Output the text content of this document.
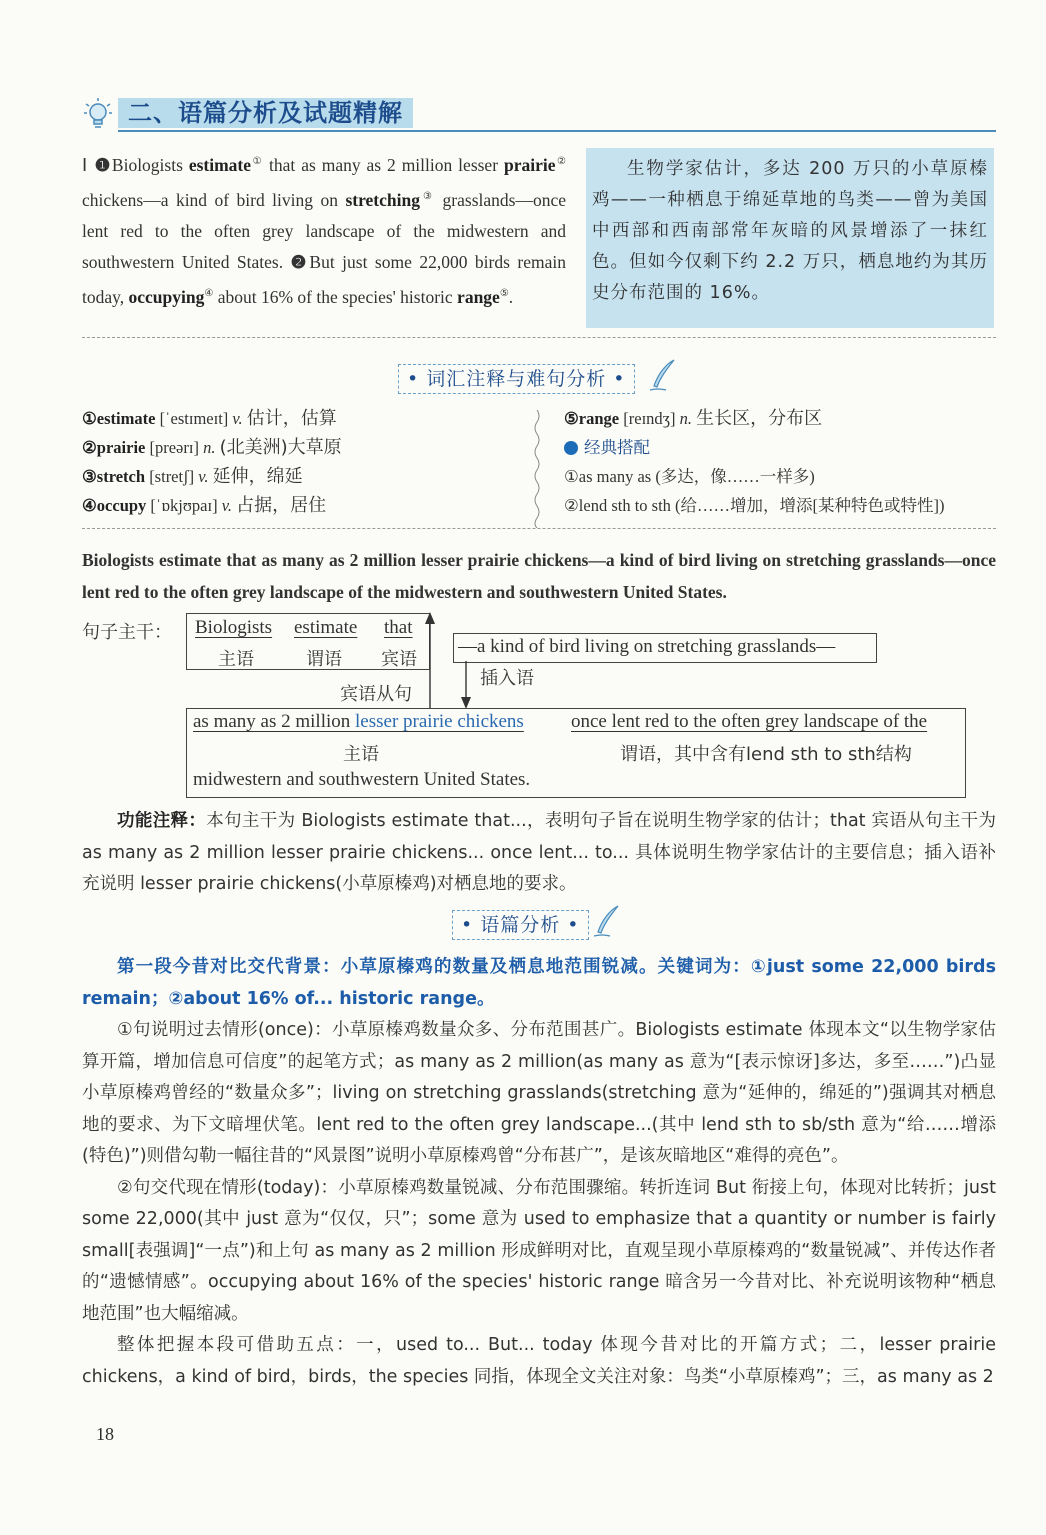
二、语篇分析及试题精解

Ⅰ ❶Biologists estimate① that as many as 2 million lesser prairie② chickens—a kind of bird living on stretching③ grasslands—once lent red to the often grey landscape of the midwestern and southwestern United States. ❷But just some 22,000 birds remain today, occupying④ about 16% of the species' historic range⑤.

生物学家估计，多达 200 万只的小草原榛鸡——一种栖息于绵延草地的鸟类——曾为美国中西部和西南部常年灰暗的风景增添了一抹红色。但如今仅剩下约 2.2 万只，栖息地约为其历史分布范围的 16%。
• 词汇注释与难句分析 •
①estimate [ˈestɪmeɪt] v. 估计，估算
②prairie [preərɪ] n. (北美洲)大草原
③stretch [stretʃ] v. 延伸，绵延
④occupy [ˈɒkjʊpaɪ] v. 占据，居住
⑤range [reɪndʒ] n. 生长区，分布区
经典搭配
①as many as (多达，像……一样多)
②lend sth to sth (给……增加，增添[某种特色或特性])
Biologists estimate that as many as 2 million lesser prairie chickens—a kind of bird living on stretching grasslands—once lent red to the often grey landscape of the midwestern and southwestern United States.
句子主干： Biologists estimate that
主语	谓语 宾语
宾语从句
—a kind of bird living on stretching grasslands—
插入语
as many as 2 million lesser prairie chickens once lent red to the often grey landscape of the
主语	谓语，其中含有lend sth to sth结构
midwestern and southwestern United States.

功能注释：本句主干为 Biologists estimate that...，表明句子旨在说明生物学家的估计；that 宾语从句主干为 as many as 2 million lesser prairie chickens... once lent... to... 具体说明生物学家估计的主要信息；插入语补充说明 lesser prairie chickens(小草原榛鸡)对栖息地的要求。

• 语篇分析 •

第一段今昔对比交代背景：小草原榛鸡的数量及栖息地范围锐减。关键词为：①just some 22,000 birds remain；②about 16% of... historic range。

①句说明过去情形(once)：小草原榛鸡数量众多、分布范围甚广。Biologists estimate 体现本文“以生物学家估算开篇，增加信息可信度”的起笔方式；as many as 2 million(as many as 意为“[表示惊讶]多达，多至……”)凸显小草原榛鸡曾经的“数量众多”；living on stretching grasslands(stretching 意为“延伸的，绵延的”)强调其对栖息地的要求、为下文暗埋伏笔。lent red to the often grey landscape...(其中 lend sth to sb/sth 意为“给……增添(特色)”)则借勾勒一幅往昔的“风景图”说明小草原榛鸡曾“分布甚广”，是该灰暗地区“难得的亮色”。

②句交代现在情形(today)：小草原榛鸡数量锐减、分布范围骤缩。转折连词 But 衔接上句，体现对比转折；just some 22,000(其中 just 意为“仅仅，只”；some 意为 used to emphasize that a quantity or number is fairly small[表强调]“一点”)和上句 as many as 2 million 形成鲜明对比，直观呈现小草原榛鸡的“数量锐减”、并传达作者的“遗憾情感”。occupying about 16% of the species' historic range 暗含另一今昔对比、补充说明该物种“栖息地范围”也大幅缩减。

整体把握本段可借助五点：一，used to... But... today 体现今昔对比的开篇方式；二，lesser prairie chickens，a kind of bird，birds，the species 同指，体现全文关注对象：鸟类“小草原榛鸡”；三，as many as 2

18
